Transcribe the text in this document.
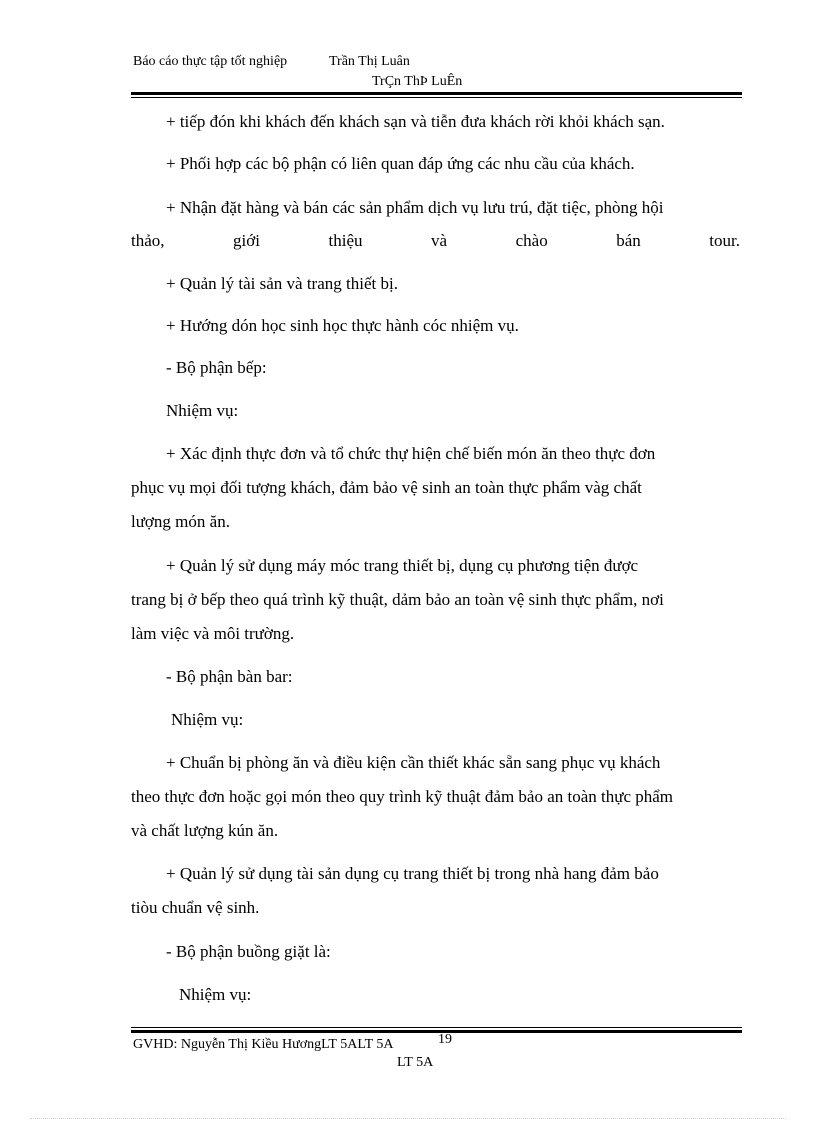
Báo cáo thực tập tốt nghiệp	Trần Thị Luân
TrÇn ThÞ LuÊn
+ tiếp đón khi khách đến khách sạn và tiễn đưa khách rời khỏi khách sạn.
+ Phối hợp các bộ phận có liên quan đáp ứng các nhu cầu của khách.
+ Nhận đặt hàng và bán các sản phẩm dịch vụ lưu trú, đặt tiệc, phòng hội
thảo, giới thiệu và chào bán tour.
+ Quản lý tài sản và trang thiết bị.
+ Hướng dón học sinh học thực hành cóc nhiệm vụ.
- Bộ phận bếp:
Nhiệm vụ:
+ Xác định thực đơn và tổ chức thự hiện chế biến món ăn theo thực đơn
phục vụ mọi đối tượng khách, đảm bảo vệ sinh an toàn thực phẩm vàg chất
lượng món ăn.
+ Quản lý sử dụng máy móc trang thiết bị, dụng cụ phương tiện được
trang bị ở bếp theo quá trình kỹ thuật, dảm bảo an toàn vệ sinh thực phẩm, nơi
làm việc và môi trường.
- Bộ phận bàn bar:
Nhiệm vụ:
+ Chuẩn bị phòng ăn và điều kiện cần thiết khác sẵn sang phục vụ khách
theo thực đơn hoặc gọi món theo quy trình kỹ thuật đảm bảo an toàn thực phẩm
và chất lượng kún ăn.
+ Quản lý sử dụng tài sản dụng cụ trang thiết bị trong nhà hang đảm bảo
tiòu chuẩn vệ sinh.
- Bộ phận buồng giặt là:
Nhiệm vụ:
GVHD: Nguyễn Thị Kiều HươngLT 5ALT 5A	19
LT 5A
